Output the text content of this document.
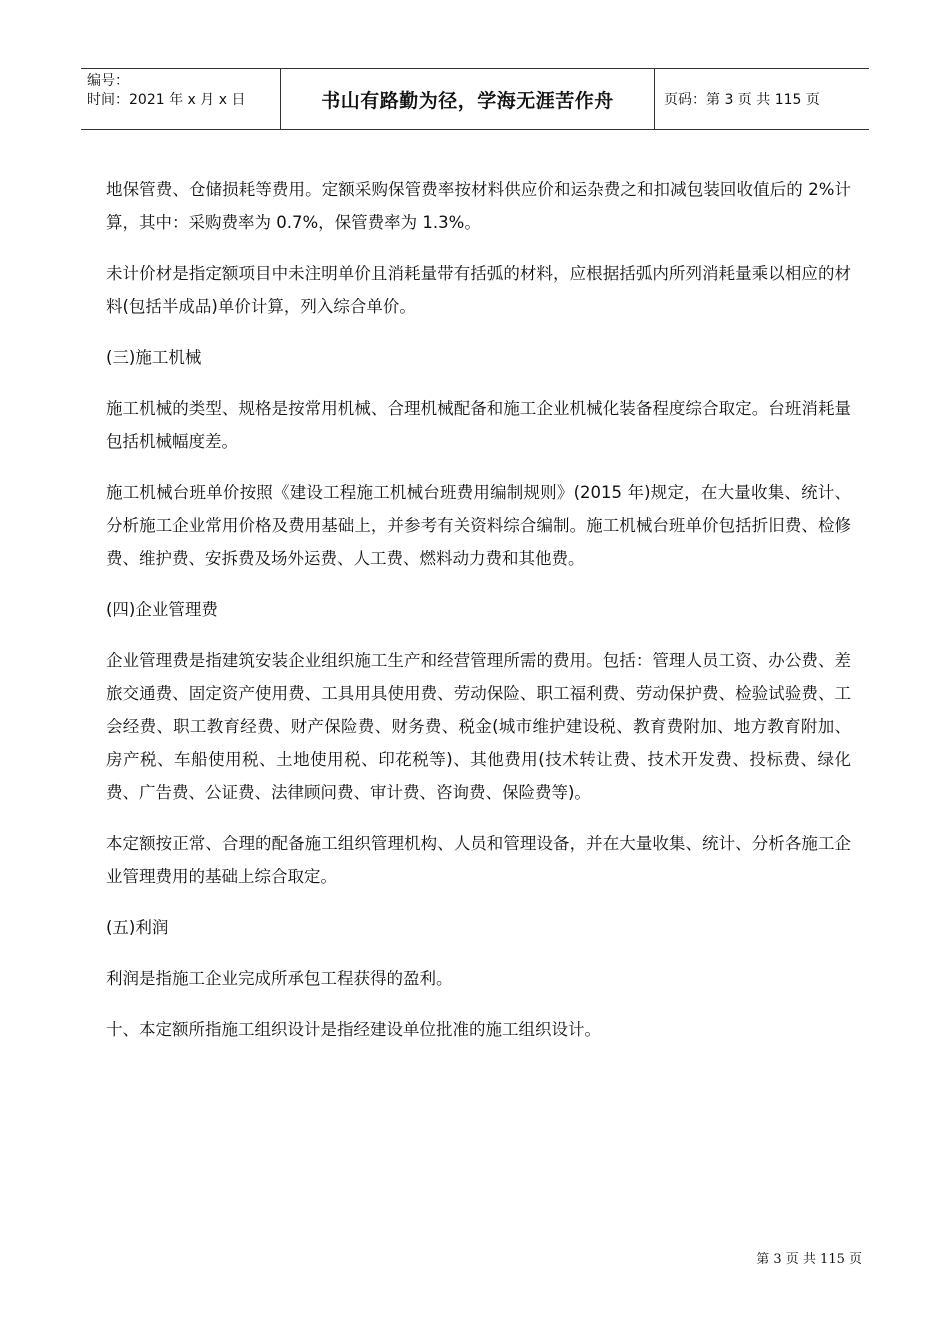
编号：
时间：2021 年 x 月 x 日	书山有路勤为径，学海无涯苦作舟	页码：第 3 页 共 115 页

地保管费、仓储损耗等费用。定额采购保管费率按材料供应价和运杂费之和扣减包装回收值后的 2%计算，其中：采购费率为 0.7%，保管费率为 1.3%。

未计价材是指定额项目中未注明单价且消耗量带有括弧的材料，应根据括弧内所列消耗量乘以相应的材料(包括半成品)单价计算，列入综合单价。

(三)施工机械

施工机械的类型、规格是按常用机械、合理机械配备和施工企业机械化装备程度综合取定。台班消耗量包括机械幅度差。

施工机械台班单价按照《建设工程施工机械台班费用编制规则》(2015 年)规定，在大量收集、统计、分析施工企业常用价格及费用基础上，并参考有关资料综合编制。施工机械台班单价包括折旧费、检修费、维护费、安拆费及场外运费、人工费、燃料动力费和其他费。

(四)企业管理费

企业管理费是指建筑安装企业组织施工生产和经营管理所需的费用。包括：管理人员工资、办公费、差旅交通费、固定资产使用费、工具用具使用费、劳动保险、职工福利费、劳动保护费、检验试验费、工会经费、职工教育经费、财产保险费、财务费、税金(城市维护建设税、教育费附加、地方教育附加、房产税、车船使用税、土地使用税、印花税等)、其他费用(技术转让费、技术开发费、投标费、绿化费、广告费、公证费、法律顾问费、审计费、咨询费、保险费等)。

本定额按正常、合理的配备施工组织管理机构、人员和管理设备，并在大量收集、统计、分析各施工企业管理费用的基础上综合取定。

(五)利润

利润是指施工企业完成所承包工程获得的盈利。

十、本定额所指施工组织设计是指经建设单位批准的施工组织设计。

第 3 页 共 115 页
